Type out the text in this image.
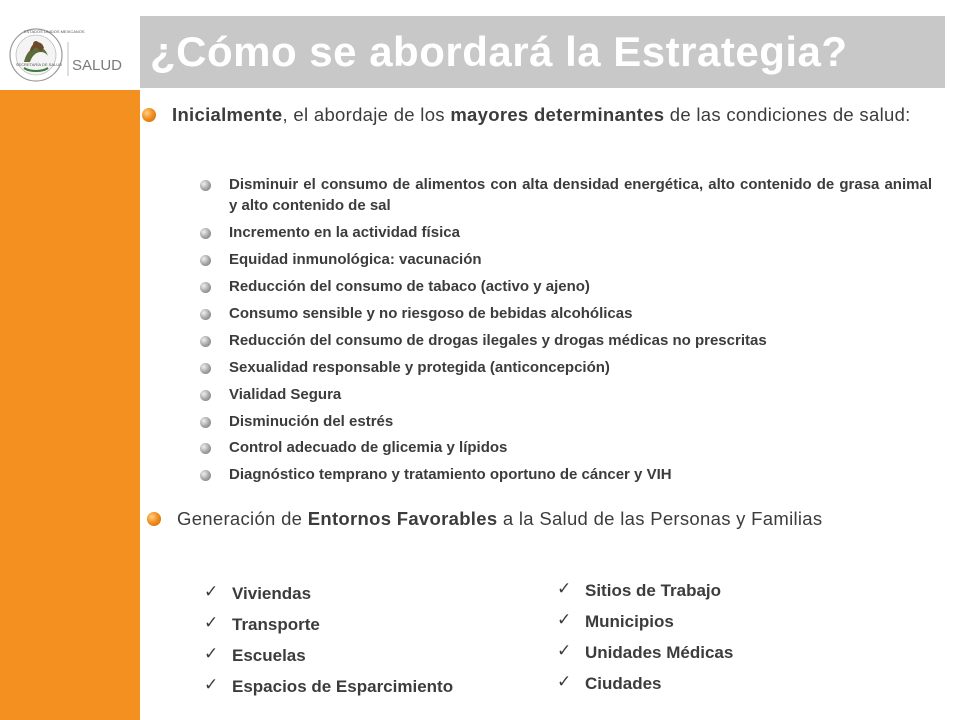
ESTADOS UNIDOS MEXICANOS
SECRETARÍA DE SALUD SALUD ¿Cómo se abordará la Estrategia?
Inicialmente, el abordaje de los mayores determinantes de las condiciones de salud:
Disminuir el consumo de alimentos con alta densidad energética, alto contenido de grasa animal y alto contenido de sal
Incremento en la actividad física
Equidad inmunológica: vacunación
Reducción del consumo de tabaco (activo y ajeno)
Consumo sensible y no riesgoso de bebidas alcohólicas
Reducción del consumo de drogas ilegales y drogas médicas no prescritas
Sexualidad responsable y protegida (anticoncepción)
Vialidad Segura
Disminución del estrés
Control adecuado de glicemia y lípidos
Diagnóstico temprano y tratamiento oportuno de cáncer y VIH
Generación de Entornos Favorables a la Salud de las Personas y Familias
✓ Viviendas
✓ Transporte
✓ Escuelas
✓ Espacios de Esparcimiento
✓ Sitios de Trabajo
✓ Municipios
✓ Unidades Médicas
✓ Ciudades
